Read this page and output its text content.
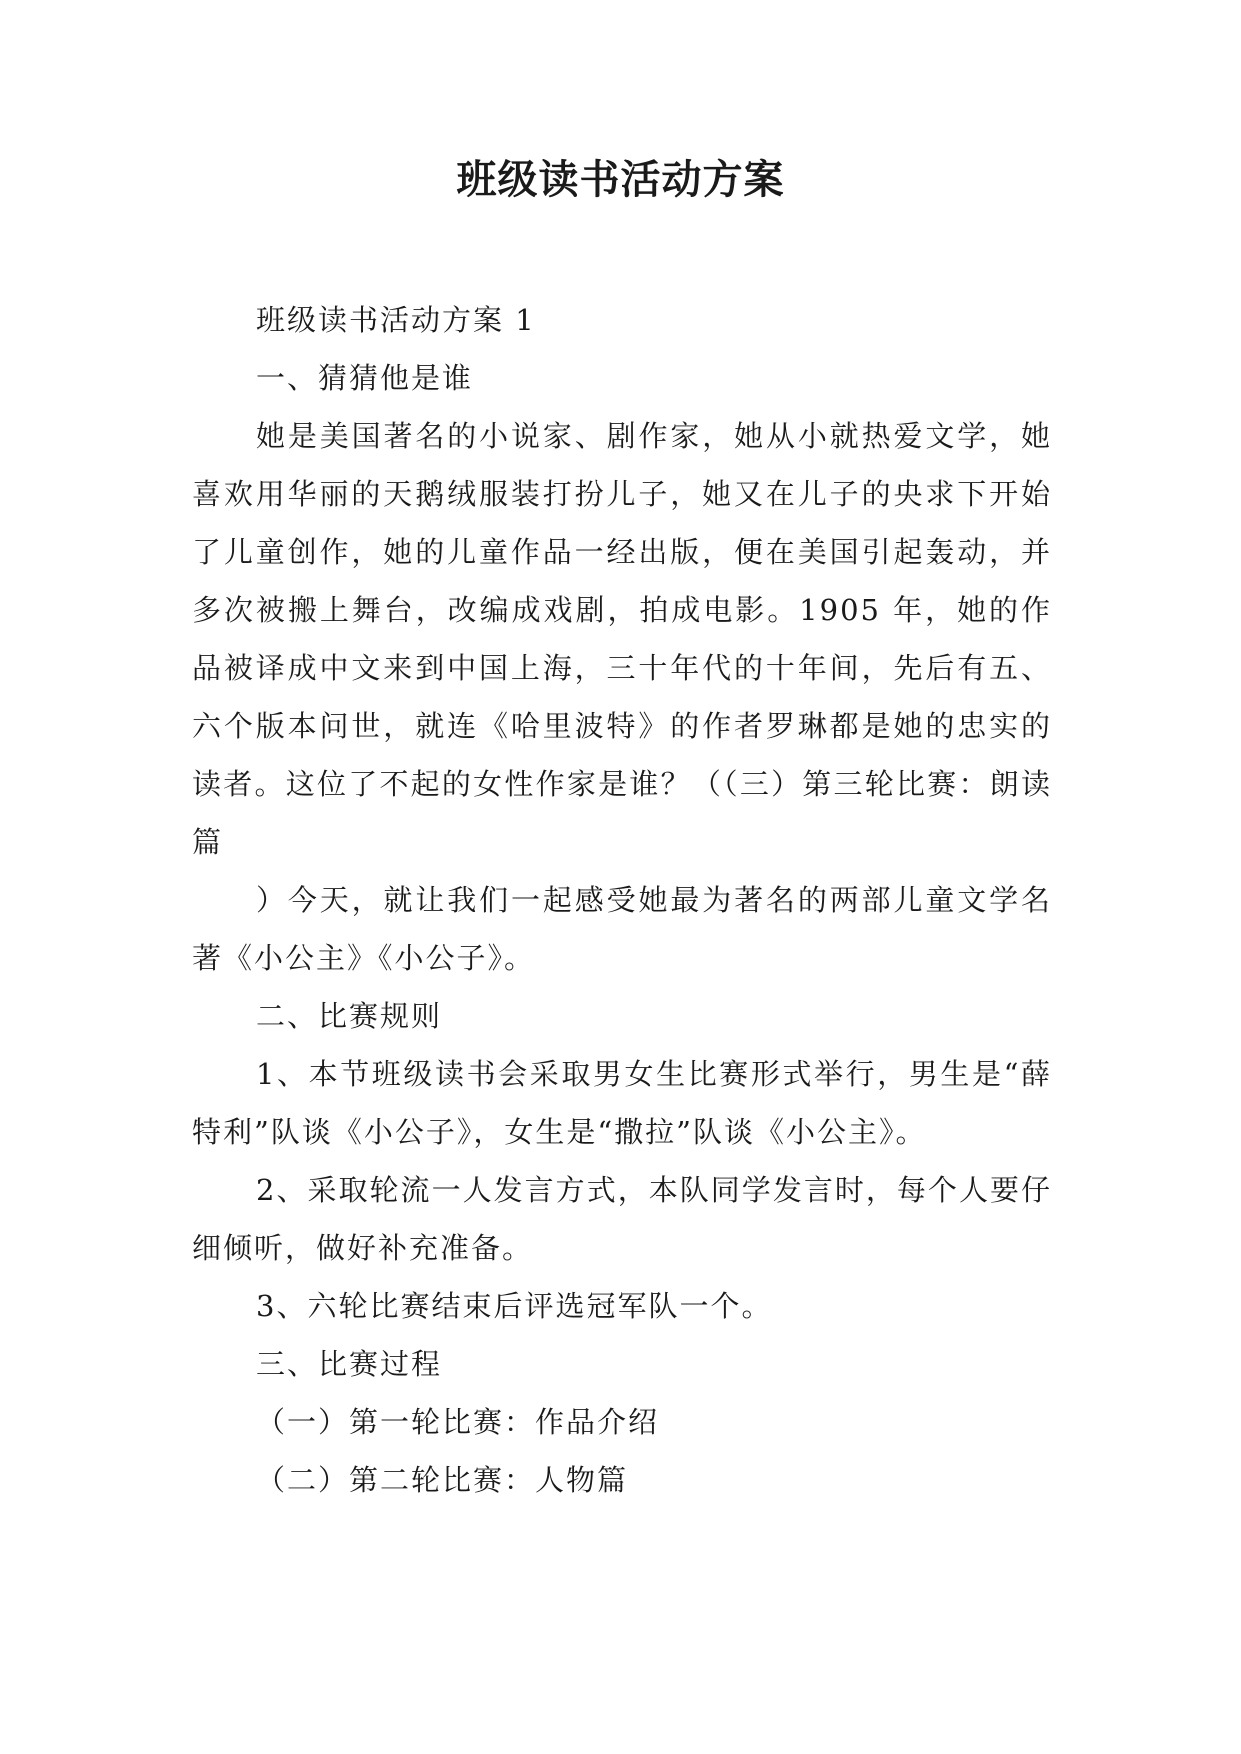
班级读书活动方案

班级读书活动方案 1

一、猜猜他是谁

她是美国著名的小说家、剧作家，她从小就热爱文学，她喜欢用华丽的天鹅绒服装打扮儿子，她又在儿子的央求下开始了儿童创作，她的儿童作品一经出版，便在美国引起轰动，并多次被搬上舞台，改编成戏剧，拍成电影。1905 年，她的作品被译成中文来到中国上海，三十年代的十年间，先后有五、六个版本问世，就连《哈里波特》的作者罗琳都是她的忠实的读者。这位了不起的女性作家是谁？（（三）第三轮比赛：朗读篇

）今天，就让我们一起感受她最为著名的两部儿童文学名著《小公主》《小公子》。

二、比赛规则

1、本节班级读书会采取男女生比赛形式举行，男生是“薛特利”队谈《小公子》，女生是“撒拉”队谈《小公主》。

2、采取轮流一人发言方式，本队同学发言时，每个人要仔细倾听，做好补充准备。

3、六轮比赛结束后评选冠军队一个。

三、比赛过程

（一）第一轮比赛：作品介绍

（二）第二轮比赛：人物篇
